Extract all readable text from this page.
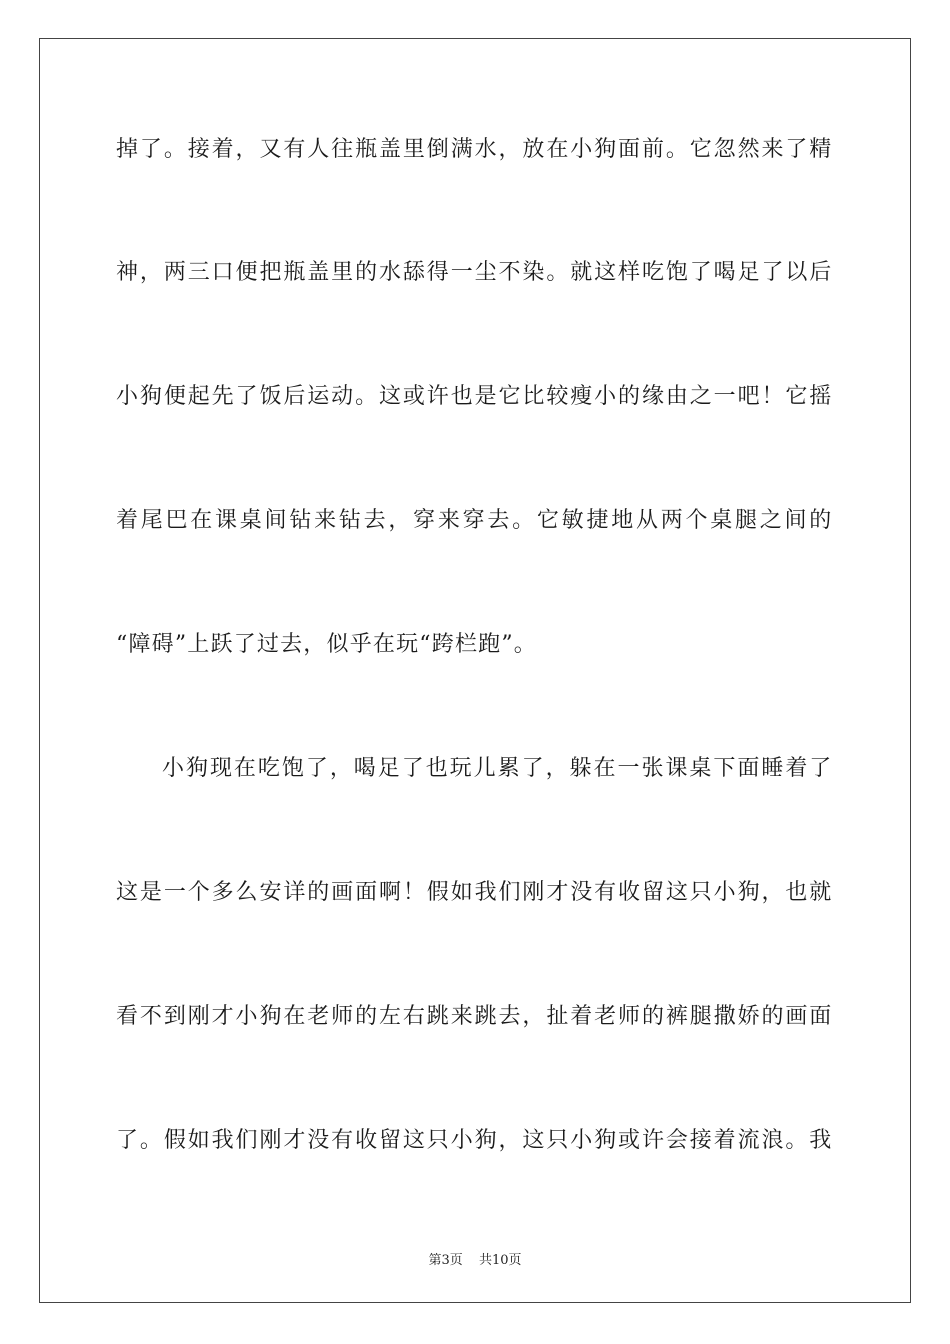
掉了。接着，又有人往瓶盖里倒满水，放在小狗面前。它忽然来了精
神，两三口便把瓶盖里的水舔得一尘不染。就这样吃饱了喝足了以后
小狗便起先了饭后运动。这或许也是它比较瘦小的缘由之一吧！它摇
着尾巴在课桌间钻来钻去，穿来穿去。它敏捷地从两个桌腿之间的
“障碍”上跃了过去，似乎在玩“跨栏跑”。
小狗现在吃饱了，喝足了也玩儿累了，躲在一张课桌下面睡着了
这是一个多么安详的画面啊！假如我们刚才没有收留这只小狗，也就
看不到刚才小狗在老师的左右跳来跳去，扯着老师的裤腿撒娇的画面
了。假如我们刚才没有收留这只小狗，这只小狗或许会接着流浪。我
第3页 共10页
